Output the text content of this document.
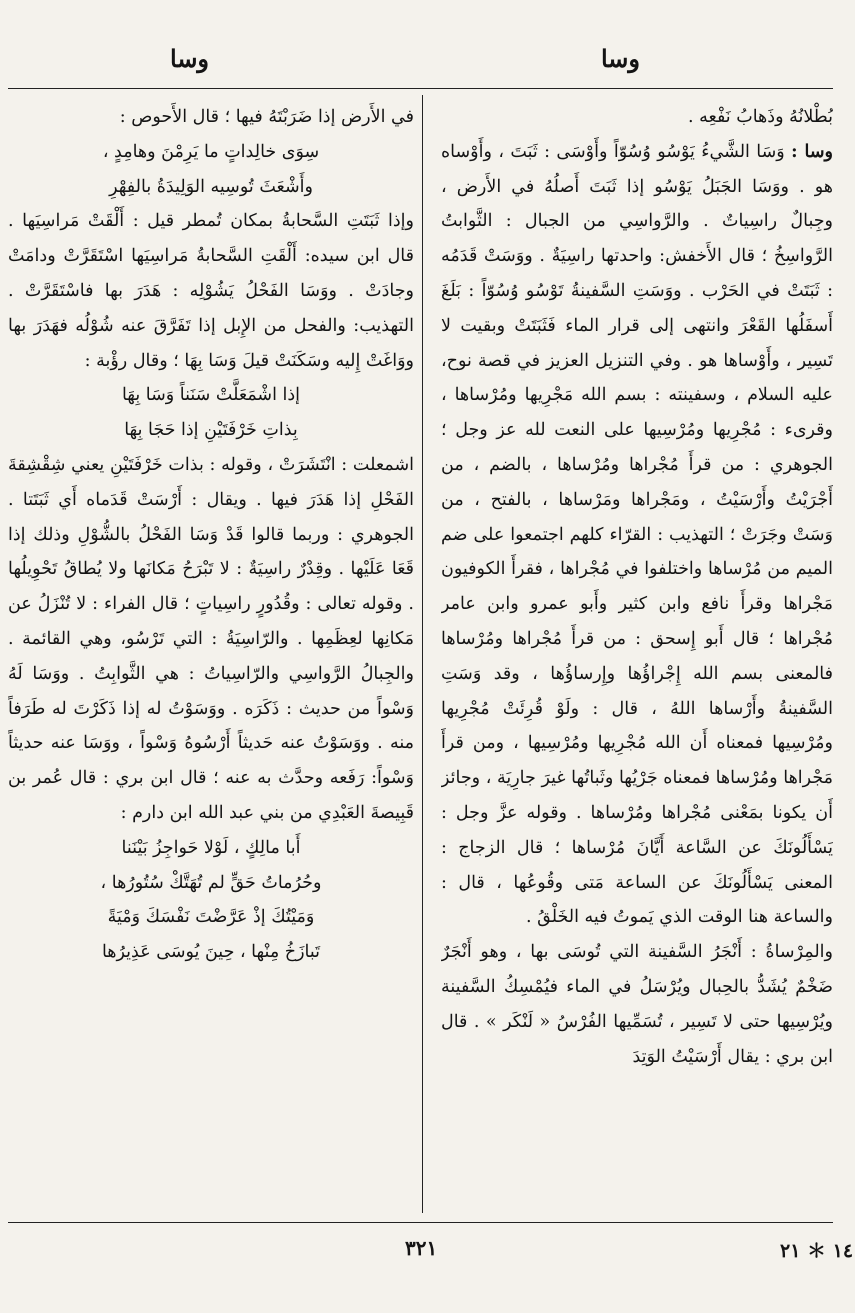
وسا
وسا

بُطْلانُهُ وذَهابُ نَفْعِه .

وسا : وَسَا الشَّيءُ يَوْسُو وُسُوّاً وأَوْسَى : ثَبَتَ ، وأَوْساه هو . ووَسَا الجَبَلُ يَوْسُو إذا ثَبَتَ أَصلُهُ في الأَرض ، وجِبالٌ راسِياتٌ . والرَّواسِي من الجبال : الثَّوابتُ الرَّواسِخُ ؛ قال الأَخفش: واحدتها راسِيَةٌ . ووَسَتْ قَدَمُه : ثَبَتَتْ في الحَرْب . ووَسَتِ السَّفينةُ تَوْسُو وُسُوّاً : بَلَغَ أَسفَلُها القَعْرَ وانتهى إلى قرار الماء فَثَبَتَتْ وبقيت لا تَسِير ، وأَوْساها هو . وفي التنزيل العزيز في قصة نوح، عليه السلام ، وسفينته : بسم الله مَجْرِيها ومُرْساها ، وقرىء : مُجْرِيها ومُرْسِيها على النعت لله عز وجل ؛ الجوهري : من قرأَ مُجْراها ومُرْساها ، بالضم ، من أَجْرَيْتُ وأَرْسَيْتُ ، ومَجْراها ومَرْساها ، بالفتح ، من وَسَتْ وجَرَتْ ؛ التهذيب : القرّاء كلهم اجتمعوا على ضم الميم من مُرْساها واختلفوا في مُجْراها ، فقرأَ الكوفيون مَجْراها وقرأَ نافع وابن كثير وأَبو عمرو وابن عامر مُجْراها ؛ قال أَبو إِسحق : من قرأَ مُجْراها ومُرْساها فالمعنى بسم الله إِجْراؤُها وإِرساؤُها ، وقد وَسَتِ السَّفينةُ وأَرْساها اللهُ ، قال : ولَوْ قُرِئَتْ مُجْرِيها ومُرْسِيها فمعناه أَن الله مُجْرِيها ومُرْسِيها ، ومن قرأَ مَجْراها ومُرْساها فمعناه جَرْيُها وثَباتُها غيرَ جارِيَة ، وجائز أَن يكونا بمَعْنى مُجْراها ومُرْساها . وقوله عزَّ وجل : يَسْأَلُونَكَ عن السَّاعة أَيَّانَ مُرْساها ؛ قال الزجاج : المعنى يَسْأَلُونَكَ عن الساعة مَتى وقُوعُها ، قال : والساعة هنا الوقت الذي يَموتُ فيه الخَلْقُ .

والمِرْساةُ : أَنْجَرُ السَّفينة التي تُوسَى بها ، وهو أَنْجَرٌ ضَخْمٌ يُشَدُّ بالحِبال ويُرْسَلُ في الماء فيُمْسِكُ السَّفينة ويُرْسِيها حتى لا تَسِير ، تُسَمِّيها الفُرْسُ « لَنْكَر » . قال ابن بري : يقال أَرْسَيْتُ الوَتِدَ

في الأَرض إذا ضَرَبْتَهُ فيها ؛ قال الأَحوص :

سِوَى خالِداتٍ ما يَرِمْنَ وهامِدٍ ،

وأَشْعَثَ تُوسِيه الوَلِيدَةُ بالفِهْرِ

وإذا ثَبَتَتِ السَّحابةُ بمكان تُمطر قيل : أَلْقَتْ مَراسِيَها . قال ابن سيده: أَلْقَتِ السَّحابةُ مَراسِيَها اسْتَقَرَّتْ ودامَتْ وجادَتْ . ووَسَا الفَحْلُ يَشُوْلِه : هَدَرَ بها فاسْتَقَرَّتْ . التهذيب: والفحل من الإِبل إذا تَفَرَّقَ عنه شُوْلُه فهَدَرَ بها ووَاغَتْ إِليه وسَكَنَتْ قيلَ وَسَا بِهَا ؛ وقال رؤْبة :

إذا اشْمَعَلَّتْ سَنَناً وَسَا بِهَا

بِذاتِ خَرْفَتَيْنِ إذا حَجَا بِهَا

اشمعلت : انْتَشَرَتْ ، وقوله : بذات خَرْفَتَيْنِ يعني شِقْشِقةَ الفَحْلِ إذا هَدَرَ فيها . ويقال : أَرْسَتْ قَدَماه أَي ثَبَتَتا . الجوهري : وربما قالوا قَدْ وَسَا الفَحْلُ بالشُّوْلِ وذلك إذا قَعَا عَلَيْها . وقِدْرٌ راسِيَةٌ : لا تَبْرَحُ مَكانَها ولا يُطاقُ تَحْوِيلُها . وقوله تعالى : وقُدُورٍ راسِياتٍ ؛ قال الفراء : لا تُنْزَلُ عن مَكانِها لعِظَمِها . والرّاسِيَةُ : التي تَرْسُو، وهي القائمة . والجِبالُ الرَّواسِي والرّاسِياتُ : هي الثَّوابِتُ . ووَسَا لَهُ وَسْواً من حديث : ذَكَرَه . ووَسَوْتُ له إذا ذَكَرْتَ له طَرَفاً منه . ووَسَوْتُ عنه حَديثاً أَرْسُوهُ وَسْواً ، ووَسَا عنه حديثاً وَسْواً: رَفَعه وحدَّث به عنه ؛ قال ابن بري : قال عُمر بن قَبِيصةَ العَبْدِي من بني عبد الله ابن دارم :

أَبا مالِكٍ ، لَوْلا حَواجِزُ بَيْنَنا

وحُرُماتُ حَقٍّ لم تُهَتَّكْ سُتُورُها ،

وَمَيْتُكَ إذْ عَرَّضْتَ نَفْسَكَ وَمْيَةً

تَبازَخُ مِنْها ، حِينَ يُوسَى عَذِيرُها

٣٢١	١٤ ＊ ٢١
